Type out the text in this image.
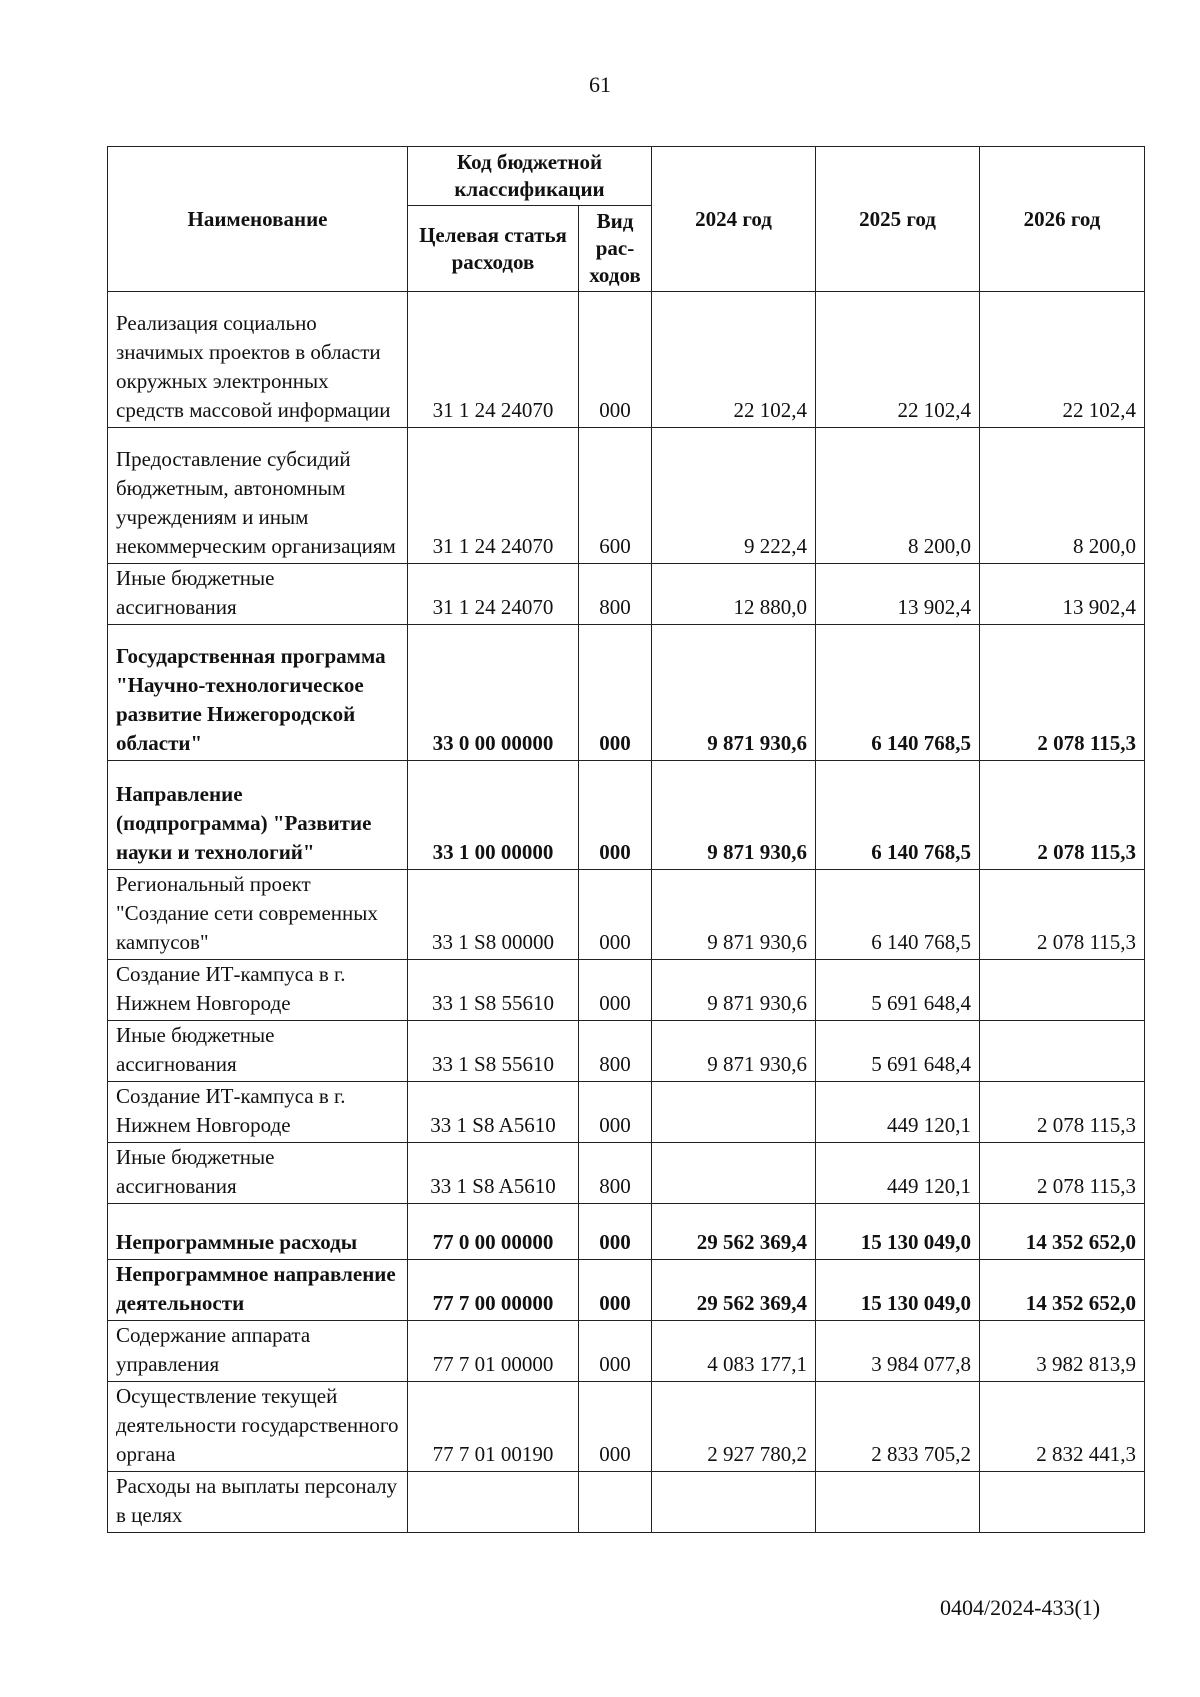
61
Наименование	Код бюджетной классификации		2024 год	2025 год	2026 год
	Целевая статья расходов	Вид рас-ходов			
Реализация социально значимых проектов в области окружных электронных средств массовой информации	31 1 24 24070	000	22 102,4	22 102,4	22 102,4
Предоставление субсидий бюджетным, автономным учреждениям и иным некоммерческим организациям	31 1 24 24070	600	9 222,4	8 200,0	8 200,0
Иные бюджетные ассигнования	31 1 24 24070	800	12 880,0	13 902,4	13 902,4
Государственная программа "Научно-технологическое развитие Нижегородской области"	33 0 00 00000	000	9 871 930,6	6 140 768,5	2 078 115,3
Направление (подпрограмма) "Развитие науки и технологий"	33 1 00 00000	000	9 871 930,6	6 140 768,5	2 078 115,3
Региональный проект "Создание сети современных кампусов"	33 1 S8 00000	000	9 871 930,6	6 140 768,5	2 078 115,3
Создание ИТ-кампуса в г. Нижнем Новгороде	33 1 S8 55610	000	9 871 930,6	5 691 648,4	
Иные бюджетные ассигнования	33 1 S8 55610	800	9 871 930,6	5 691 648,4	
Создание ИТ-кампуса в г. Нижнем Новгороде	33 1 S8 A5610	000		449 120,1	2 078 115,3
Иные бюджетные ассигнования	33 1 S8 A5610	800		449 120,1	2 078 115,3
Непрограммные расходы	77 0 00 00000	000	29 562 369,4	15 130 049,0	14 352 652,0
Непрограммное направление деятельности	77 7 00 00000	000	29 562 369,4	15 130 049,0	14 352 652,0
Содержание аппарата управления	77 7 01 00000	000	4 083 177,1	3 984 077,8	3 982 813,9
Осуществление текущей деятельности государственного органа	77 7 01 00190	000	2 927 780,2	2 833 705,2	2 832 441,3
Расходы на выплаты персоналу в целях					
0404/2024-433(1)
